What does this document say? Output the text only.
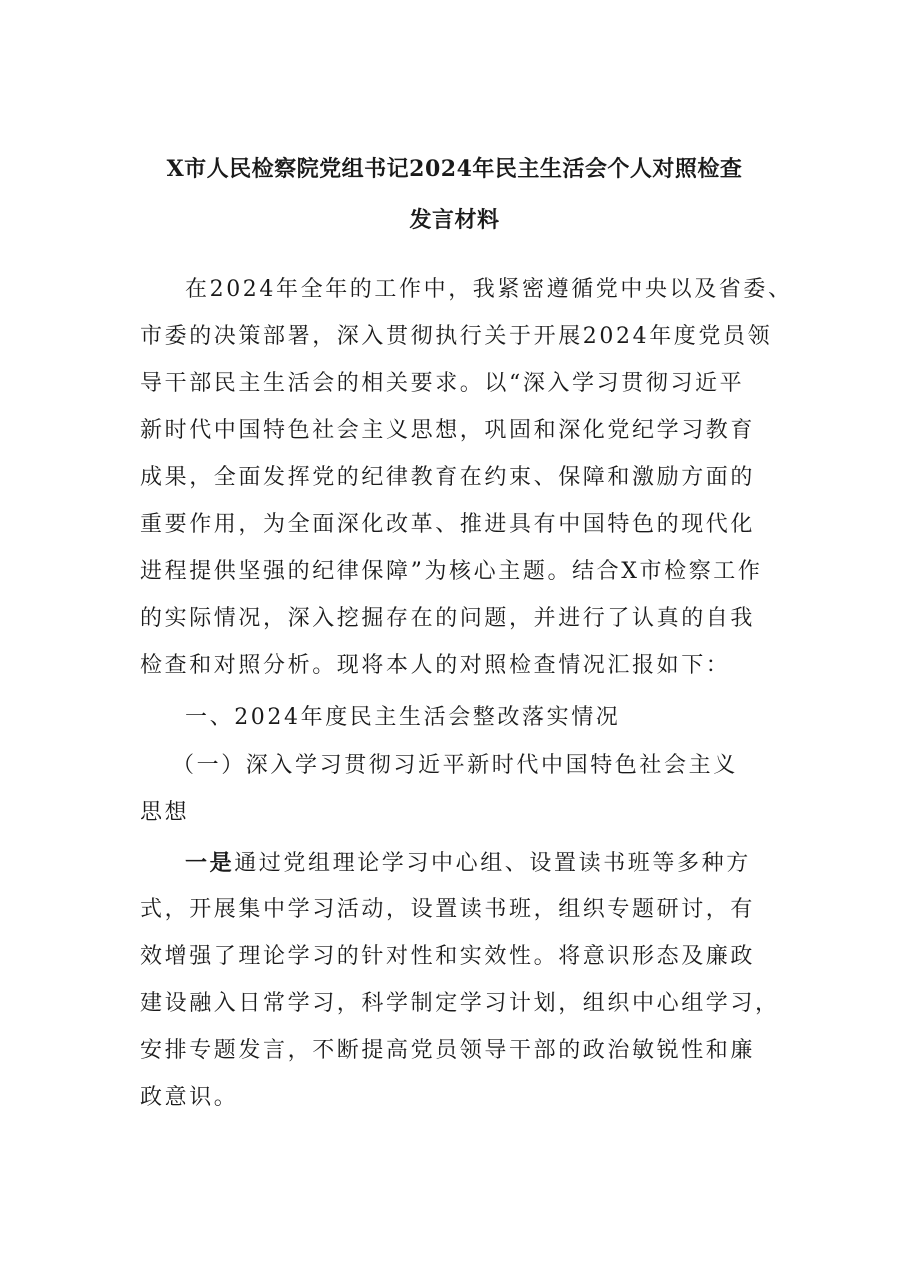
X市人民检察院党组书记2024年民主生活会个人对照检查
发言材料
在2024年全年的工作中，我紧密遵循党中央以及省委、
市委的决策部署，深入贯彻执行关于开展2024年度党员领
导干部民主生活会的相关要求。以“深入学习贯彻习近平
新时代中国特色社会主义思想，巩固和深化党纪学习教育
成果，全面发挥党的纪律教育在约束、保障和激励方面的
重要作用，为全面深化改革、推进具有中国特色的现代化
进程提供坚强的纪律保障”为核心主题。结合X市检察工作
的实际情况，深入挖掘存在的问题，并进行了认真的自我
检查和对照分析。现将本人的对照检查情况汇报如下：
一、2024年度民主生活会整改落实情况
（一）深入学习贯彻习近平新时代中国特色社会主义
思想
一是通过党组理论学习中心组、设置读书班等多种方
式，开展集中学习活动，设置读书班，组织专题研讨，有
效增强了理论学习的针对性和实效性。将意识形态及廉政
建设融入日常学习，科学制定学习计划，组织中心组学习，
安排专题发言，不断提高党员领导干部的政治敏锐性和廉
政意识。
